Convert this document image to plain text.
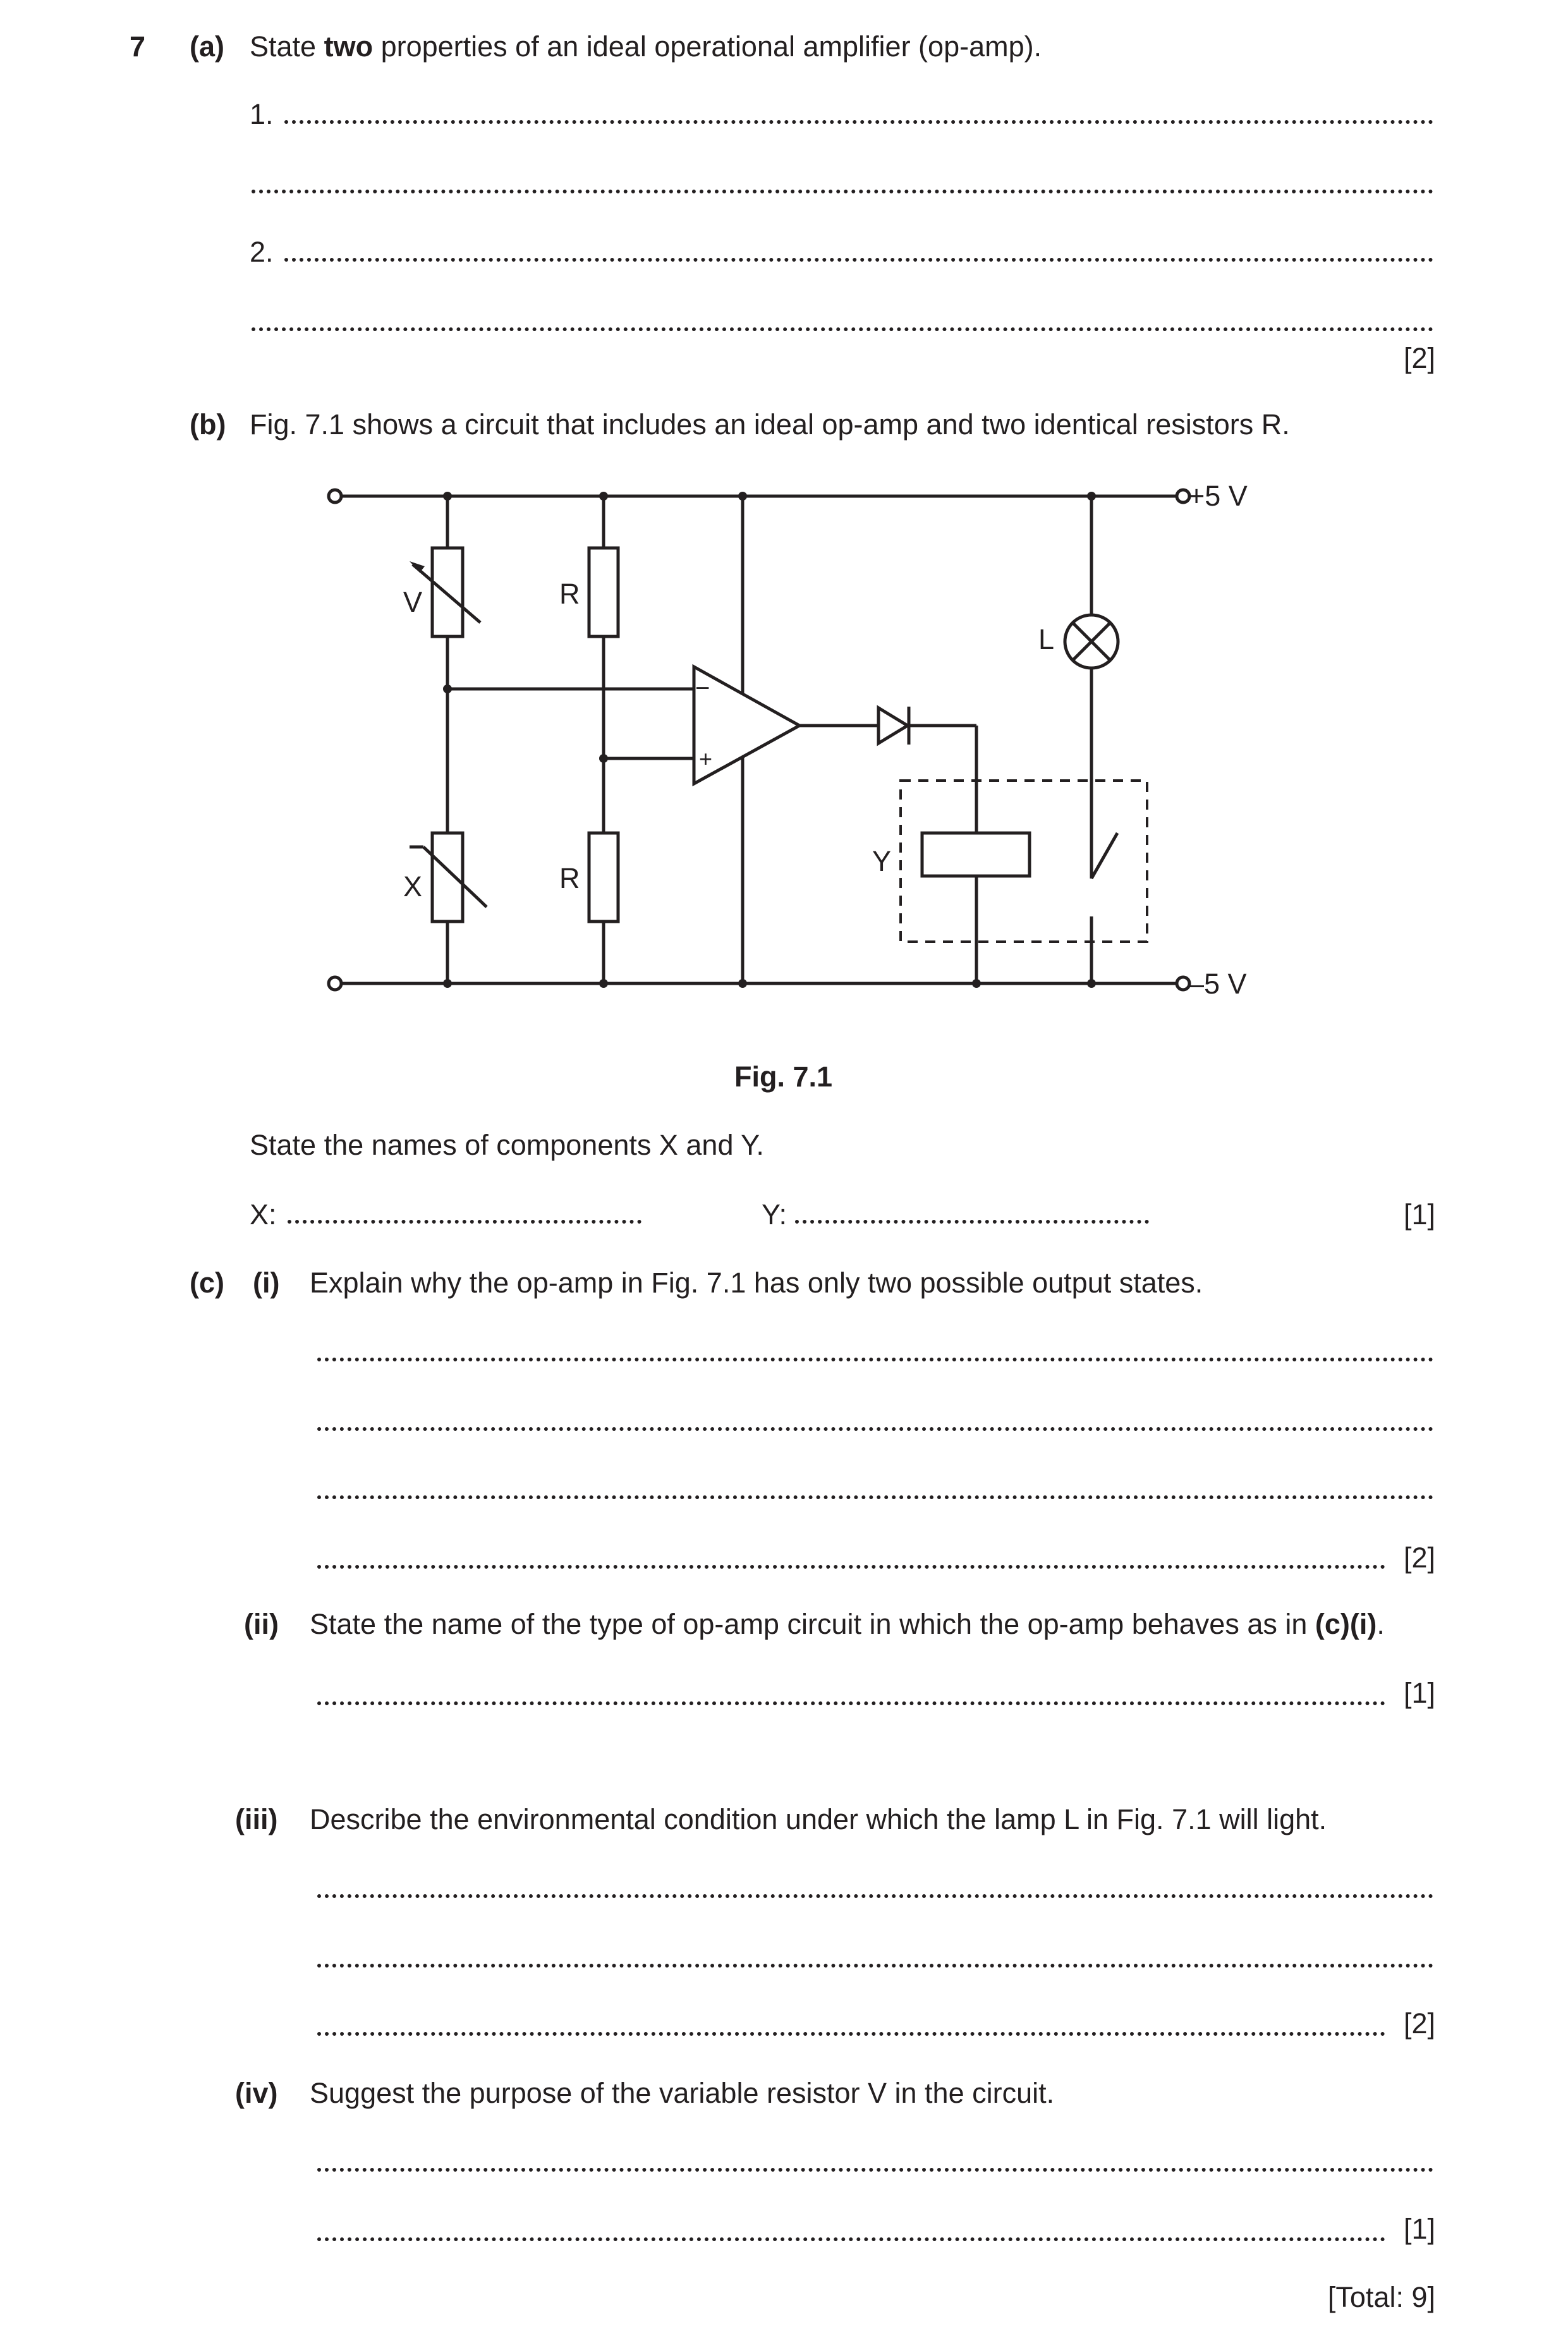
7 (a) State two properties of an ideal operational amplifier (op-amp).
1.
2.
[2]
(b) Fig. 7.1 shows a circuit that includes an ideal op-amp and two identical resistors R.
+5 V
–5 V
V	R
R
X
Y
L
−
+
Fig. 7.1
State the names of components X and Y.
X:	Y:	[1]
(c) (i) Explain why the op-amp in Fig. 7.1 has only two possible output states.
[2]
(ii) State the name of the type of op-amp circuit in which the op-amp behaves as in (c)(i).
[1]
(iii) Describe the environmental condition under which the lamp L in Fig. 7.1 will light.
[2]
(iv) Suggest the purpose of the variable resistor V in the circuit.
[1]
[Total: 9]
